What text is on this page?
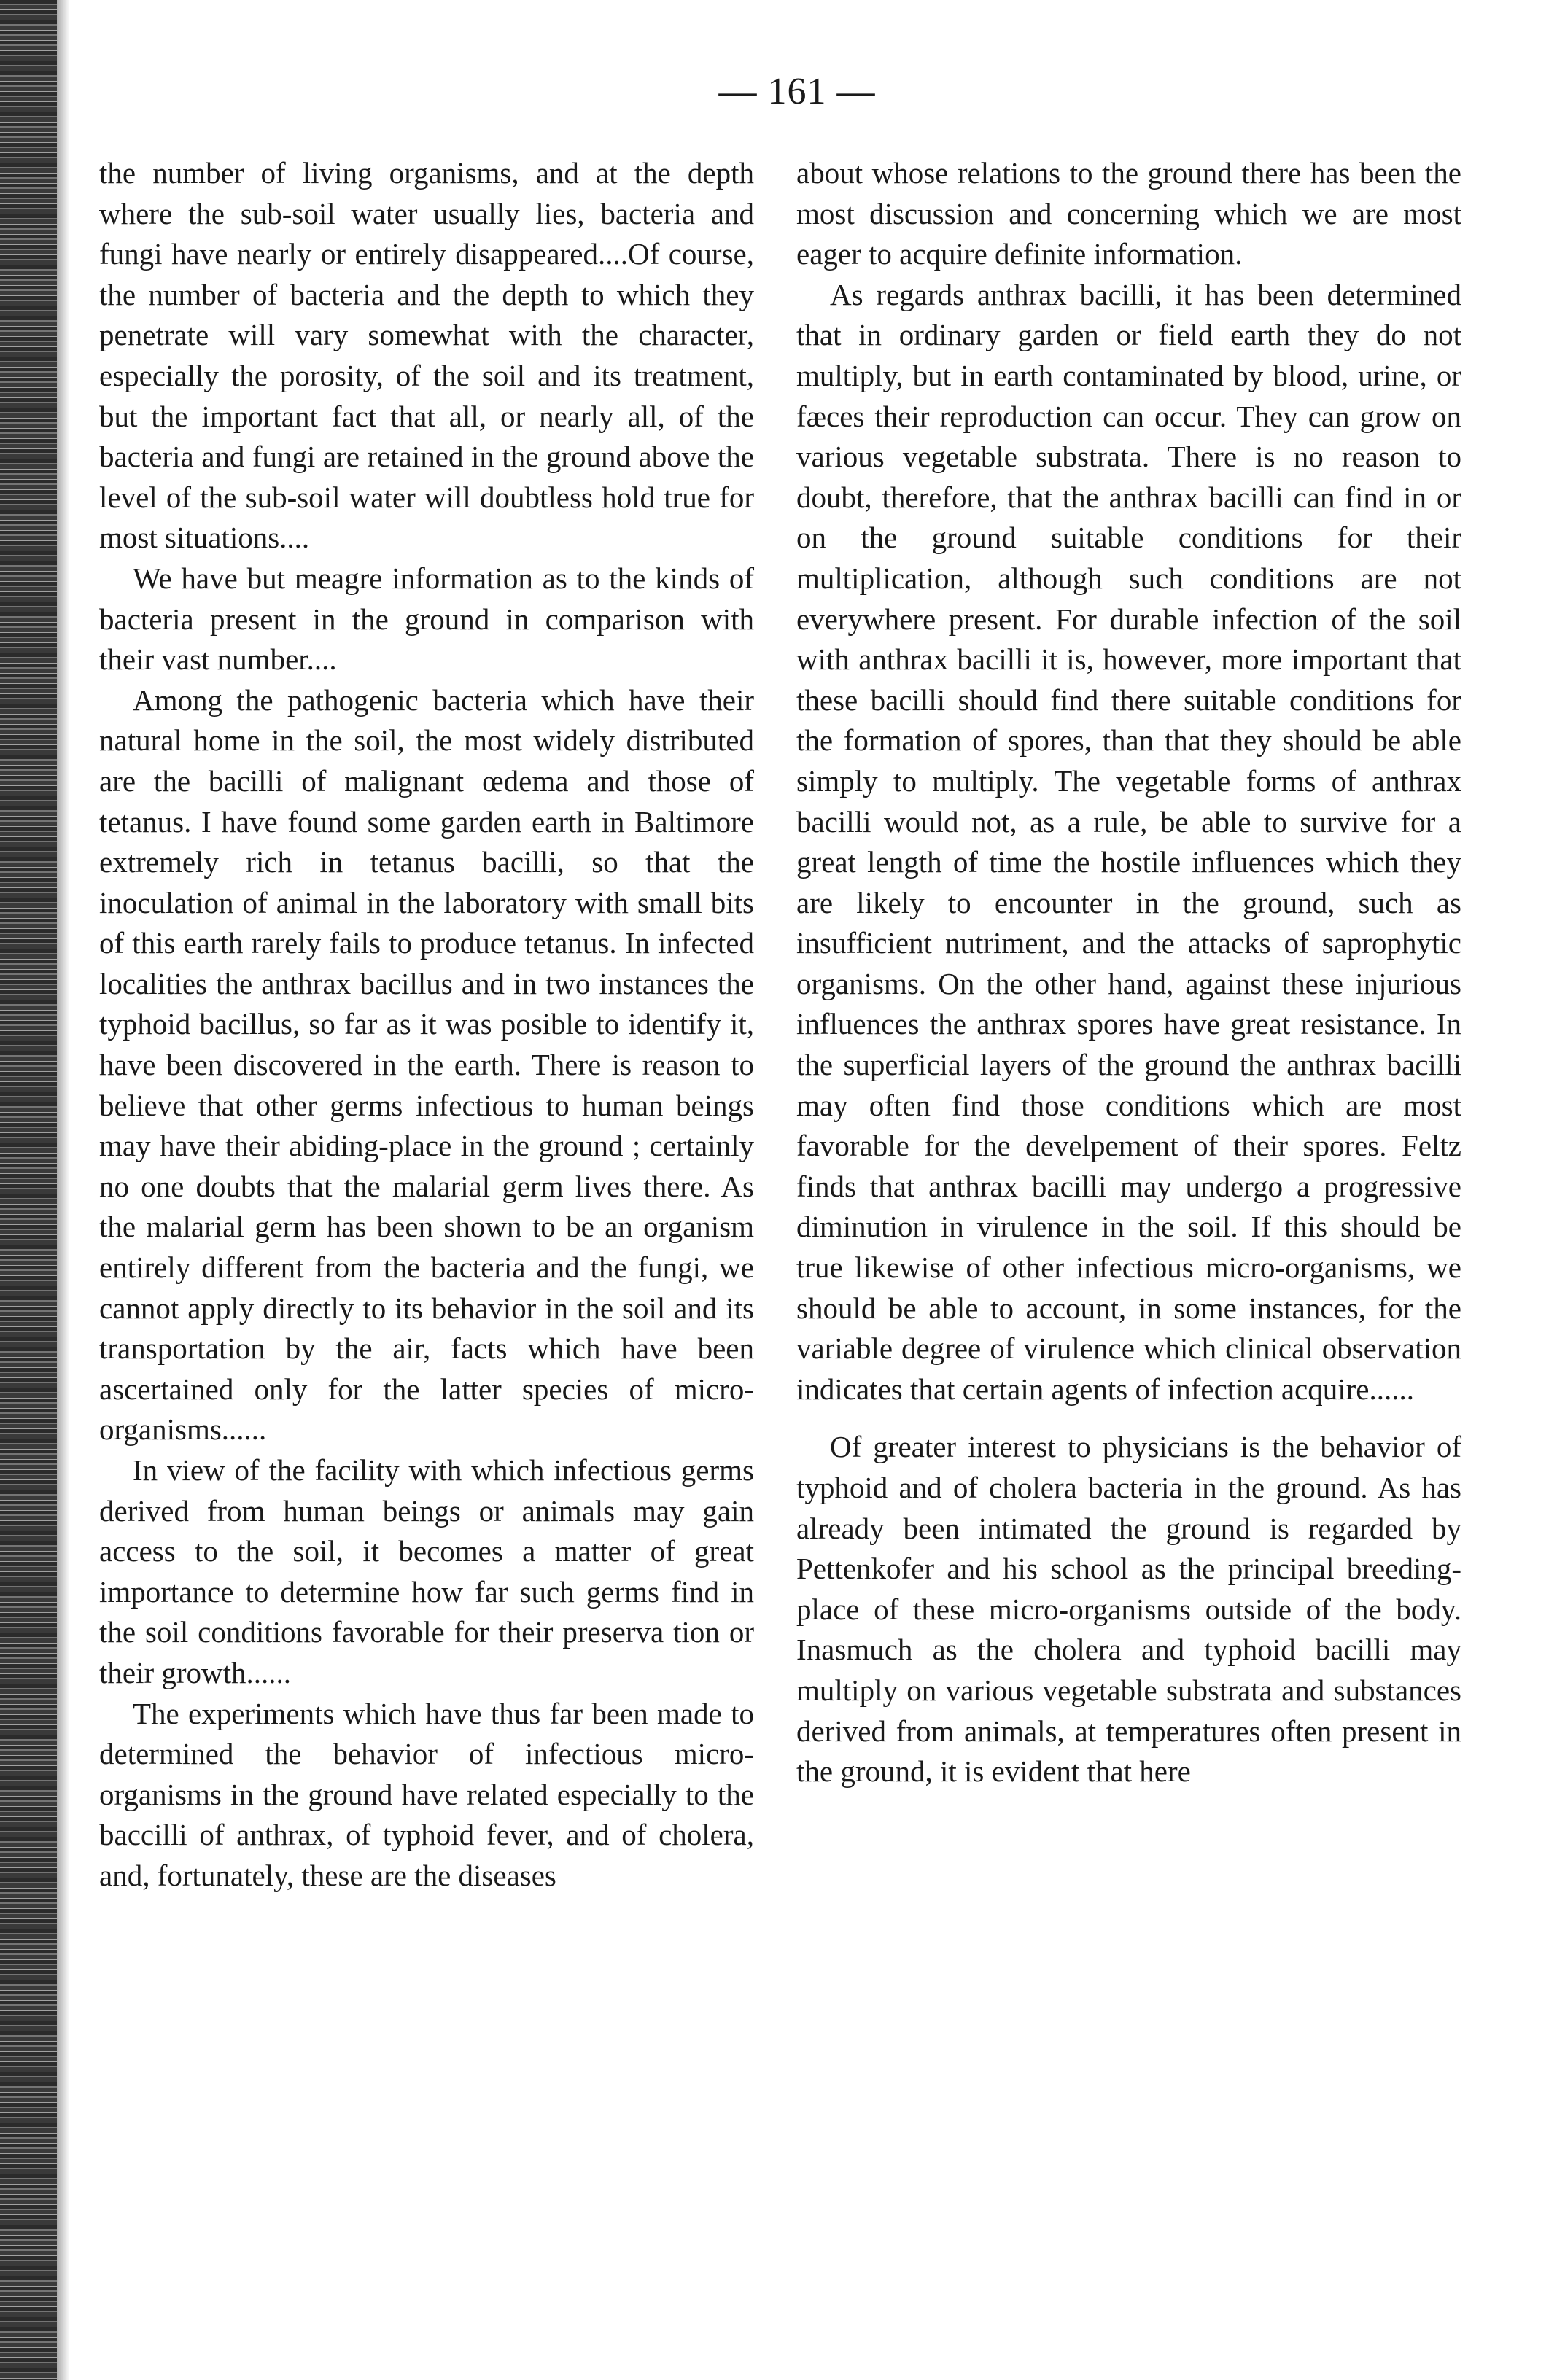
— 161 —

the number of living organisms, and at the depth where the sub-soil water usually lies, bacteria and fungi have nearly or entirely disappeared....Of course, the number of bacteria and the depth to which they penetrate will vary somewhat with the character, especially the porosity, of the soil and its treatment, but the important fact that all, or nearly all, of the bacteria and fungi are retained in the ground above the level of the sub-soil water will doubtless hold true for most situations....

We have but meagre information as to the kinds of bacteria present in the ground in comparison with their vast number....

Among the pathogenic bacteria which have their natural home in the soil, the most widely distributed are the bacilli of malignant œdema and those of tetanus. I have found some garden earth in Baltimore extremely rich in tetanus bacilli, so that the inoculation of animal in the laboratory with small bits of this earth rarely fails to produce tetanus. In infected localities the anthrax bacillus and in two instances the typhoid bacillus, so far as it was posible to identify it, have been discovered in the earth. There is reason to believe that other germs infectious to human beings may have their abiding-place in the ground ; certainly no one doubts that the malarial germ lives there. As the malarial germ has been shown to be an organism entirely different from the bacteria and the fungi, we cannot apply directly to its behavior in the soil and its transportation by the air, facts which have been ascertained only for the latter species of micro-organisms......

In view of the facility with which infectious germs derived from human beings or animals may gain access to the soil, it becomes a matter of great importance to determine how far such germs find in the soil conditions favorable for their preserva tion or their growth......

The experiments which have thus far been made to determined the behavior of infectious micro-organisms in the ground have related especially to the baccilli of anthrax, of typhoid fever, and of cholera, and, fortunately, these are the diseases

about whose relations to the ground there has been the most discussion and concerning which we are most eager to acquire definite information.

As regards anthrax bacilli, it has been determined that in ordinary garden or field earth they do not multiply, but in earth contaminated by blood, urine, or fæces their reproduction can occur. They can grow on various vegetable substrata. There is no reason to doubt, therefore, that the anthrax bacilli can find in or on the ground suitable conditions for their multiplication, although such conditions are not everywhere present. For durable infection of the soil with anthrax bacilli it is, however, more important that these bacilli should find there suitable conditions for the formation of spores, than that they should be able simply to multiply. The vegetable forms of anthrax bacilli would not, as a rule, be able to survive for a great length of time the hostile influences which they are likely to encounter in the ground, such as insufficient nutriment, and the attacks of saprophytic organisms. On the other hand, against these injurious influences the anthrax spores have great resistance. In the superficial layers of the ground the anthrax bacilli may often find those conditions which are most favorable for the develpement of their spores. Feltz finds that anthrax bacilli may undergo a progressive diminution in virulence in the soil. If this should be true likewise of other infectious micro-organisms, we should be able to account, in some instances, for the variable degree of virulence which clinical observation indicates that certain agents of infection acquire......

Of greater interest to physicians is the behavior of typhoid and of cholera bacteria in the ground. As has already been intimated the ground is regarded by Pettenkofer and his school as the principal breeding-place of these micro-organisms outside of the body. Inasmuch as the cholera and typhoid bacilli may multiply on various vegetable substrata and substances derived from animals, at temperatures often present in the ground, it is evident that here
